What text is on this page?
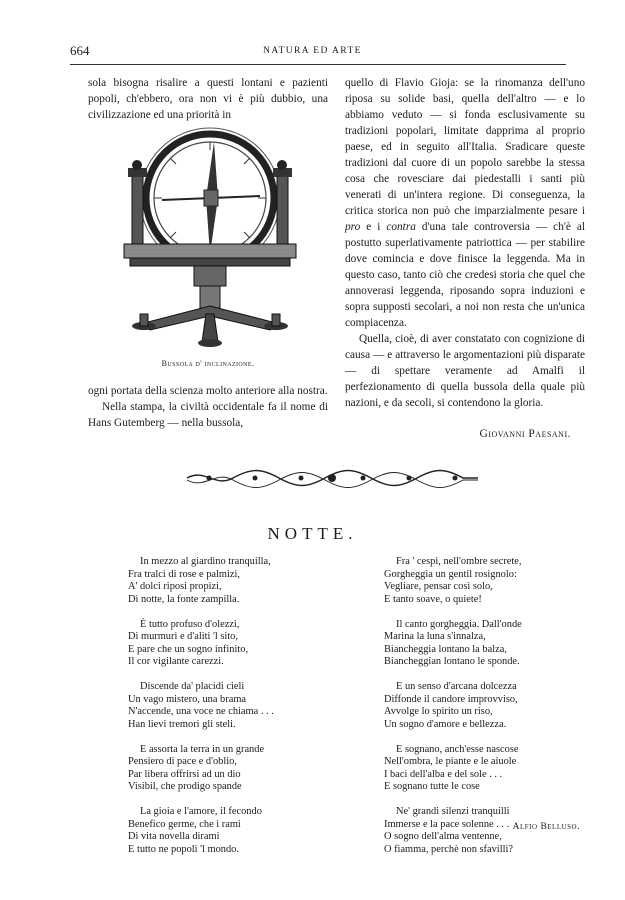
664	NATURA ED ARTE

sola bisogna risalire a questi lontani e pazienti popoli, ch'ebbero, ora non vi è più dubbio, una civilizzazione ed una priorità in

Bussola d' inclinazione.

ogni portata della scienza molto anteriore alla nostra.

Nella stampa, la civiltà occidentale fa il nome di Hans Gutemberg — nella bussola,

quello di Flavio Gioja: se la rinomanza dell'uno riposa su solide basi, quella dell'altro — e lo abbiamo veduto — si fonda esclusivamente su tradizioni popolari, limitate dapprima al proprio paese, ed in seguito all'Italia. Sradicare queste tradizioni dal cuore di un popolo sarebbe la stessa cosa che rovesciare dai piedestalli i santi più venerati di un'intera regione. Di conseguenza, la critica storica non può che imparzialmente pesare i pro e i contra d'una tale controversia — ch'è al postutto superlativamente patriottica — per stabilire dove comincia e dove finisce la leggenda. Ma in questo caso, tanto ciò che credesi storia che quel che annoverasi leggenda, riposando sopra induzioni e sopra supposti secolari, a noi non resta che un'unica compiacenza.

Quella, cioè, di aver constatato con cognizione di causa — e attraverso le argomentazioni più disparate — di spettare veramente ad Amalfi il perfezionamento di quella bussola della quale più nazioni, e da secoli, si contendono la gloria.

Giovanni Paesani.
NOTTE.
In mezzo al giardino tranquilla,
Fra tralci di rose e palmizi,
A' dolci riposi propizi,
Di notte, la fonte zampilla.
È tutto profuso d'olezzi,
Di murmuri e d'aliti 'l sito,
E pare che un sogno infinito,
Il cor vigilante carezzi.
Discende da' placidi cieli
Un vago mistero, una brama
N'accende, una voce ne chiama . . .
Han lievi tremori gli steli.
E assorta la terra in un grande
Pensiero di pace e d'oblio,
Par libera offrirsi ad un dio
Visibil, che prodigo spande
La gioia e l'amore, il fecondo
Benefico germe, che i rami
Di vita novella dirami
E tutto ne popoli 'l mondo.
Fra ' cespi, nell'ombre secrete,
Gorgheggia un gentil rosignolo:
Vegliare, pensar così solo,
E tanto soave, o quiete!
Il canto gorgheggia. Dall'onde
Marina la luna s'innalza,
Biancheggia lontano la balza,
Biancheggian lontano le sponde.
E un senso d'arcana dolcezza
Diffonde il candore improvviso,
Avvolge lo spirito un riso,
Un sogno d'amore e bellezza.
E sognano, anch'esse nascose
Nell'ombra, le piante e le aiuole
I baci dell'alba e del sole . . .
E sognano tutte le cose
Ne' grandi silenzi tranquilli
Immerse e la pace solenne . . .
O sogno dell'alma ventenne,
O fiamma, perchè non sfavilli?
Alfio Belluso.
